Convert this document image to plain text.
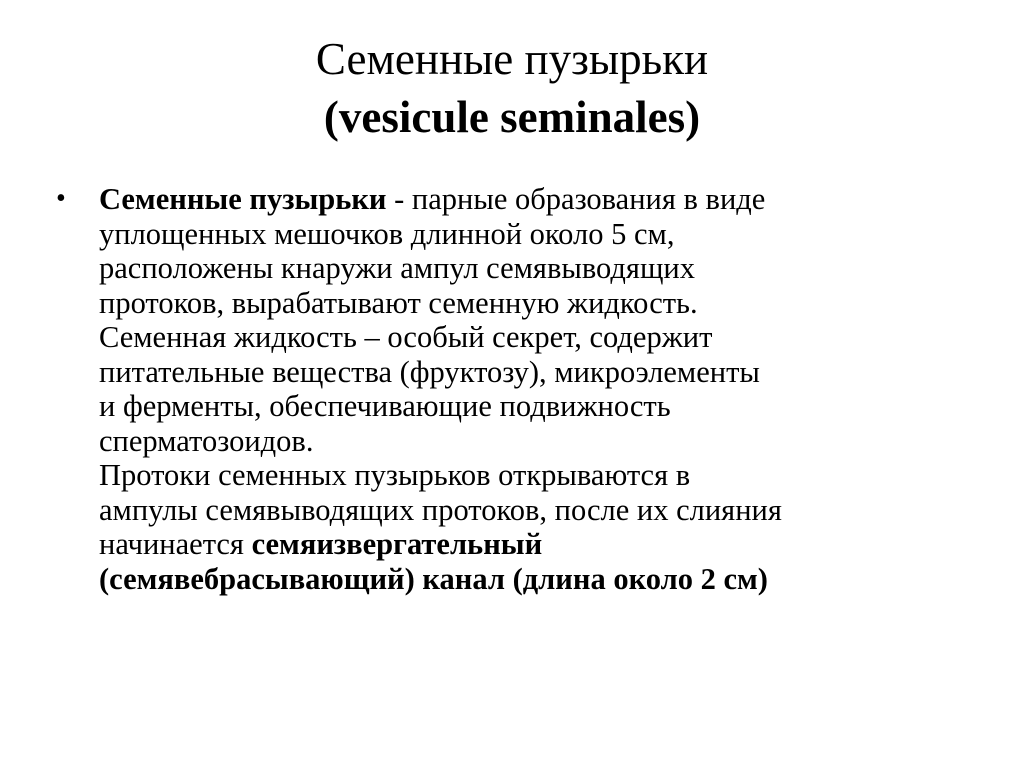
Семенные пузырьки
(vesicule seminales)
• Семенные пузырьки - парные образования в виде
уплощенных мешочков длинной около 5 см,
расположены кнаружи ампул семявыводящих
протоков, вырабатывают семенную жидкость.
Семенная жидкость – особый секрет, содержит
питательные вещества (фруктозу), микроэлементы
и ферменты, обеспечивающие подвижность
сперматозоидов.
Протоки семенных пузырьков открываются в
ампулы семявыводящих протоков, после их слияния
начинается семяизвергательный
(семявебрасывающий) канал (длина около 2 см)
